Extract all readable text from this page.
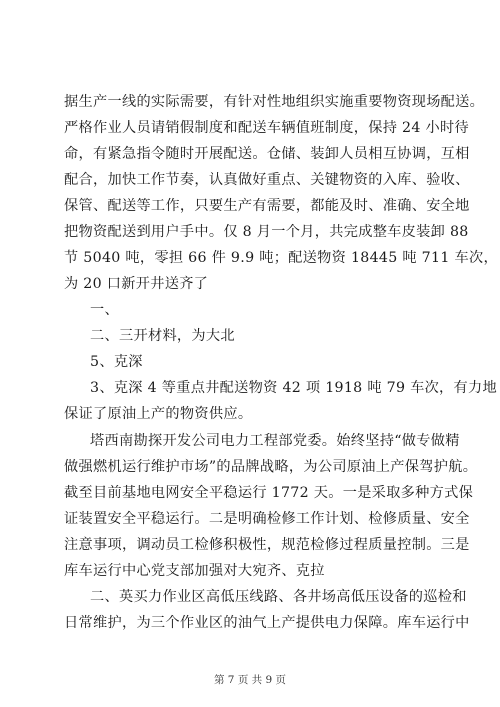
据生产一线的实际需要，有针对性地组织实施重要物资现场配送。
严格作业人员请销假制度和配送车辆值班制度，保持 24 小时待
命，有紧急指令随时开展配送。仓储、装卸人员相互协调，互相
配合，加快工作节奏，认真做好重点、关键物资的入库、验收、
保管、配送等工作，只要生产有需要，都能及时、准确、安全地
把物资配送到用户手中。仅 8 月一个月，共完成整车皮装卸 88
节 5040 吨，零担 66 件 9.9 吨；配送物资 18445 吨 711 车次，
为 20 口新开井送齐了
一、
二、三开材料，为大北
5、克深
3、克深 4 等重点井配送物资 42 项 1918 吨 79 车次，有力地
保证了原油上产的物资供应。
塔西南勘探开发公司电力工程部党委。始终坚持“做专做精
做强燃机运行维护市场”的品牌战略，为公司原油上产保驾护航。
截至目前基地电网安全平稳运行 1772 天。一是采取多种方式保
证装置安全平稳运行。二是明确检修工作计划、检修质量、安全
注意事项，调动员工检修积极性，规范检修过程质量控制。三是
库车运行中心党支部加强对大宛齐、克拉
二、英买力作业区高低压线路、各井场高低压设备的巡检和
日常维护，为三个作业区的油气上产提供电力保障。库车运行中
第 7 页 共 9 页
